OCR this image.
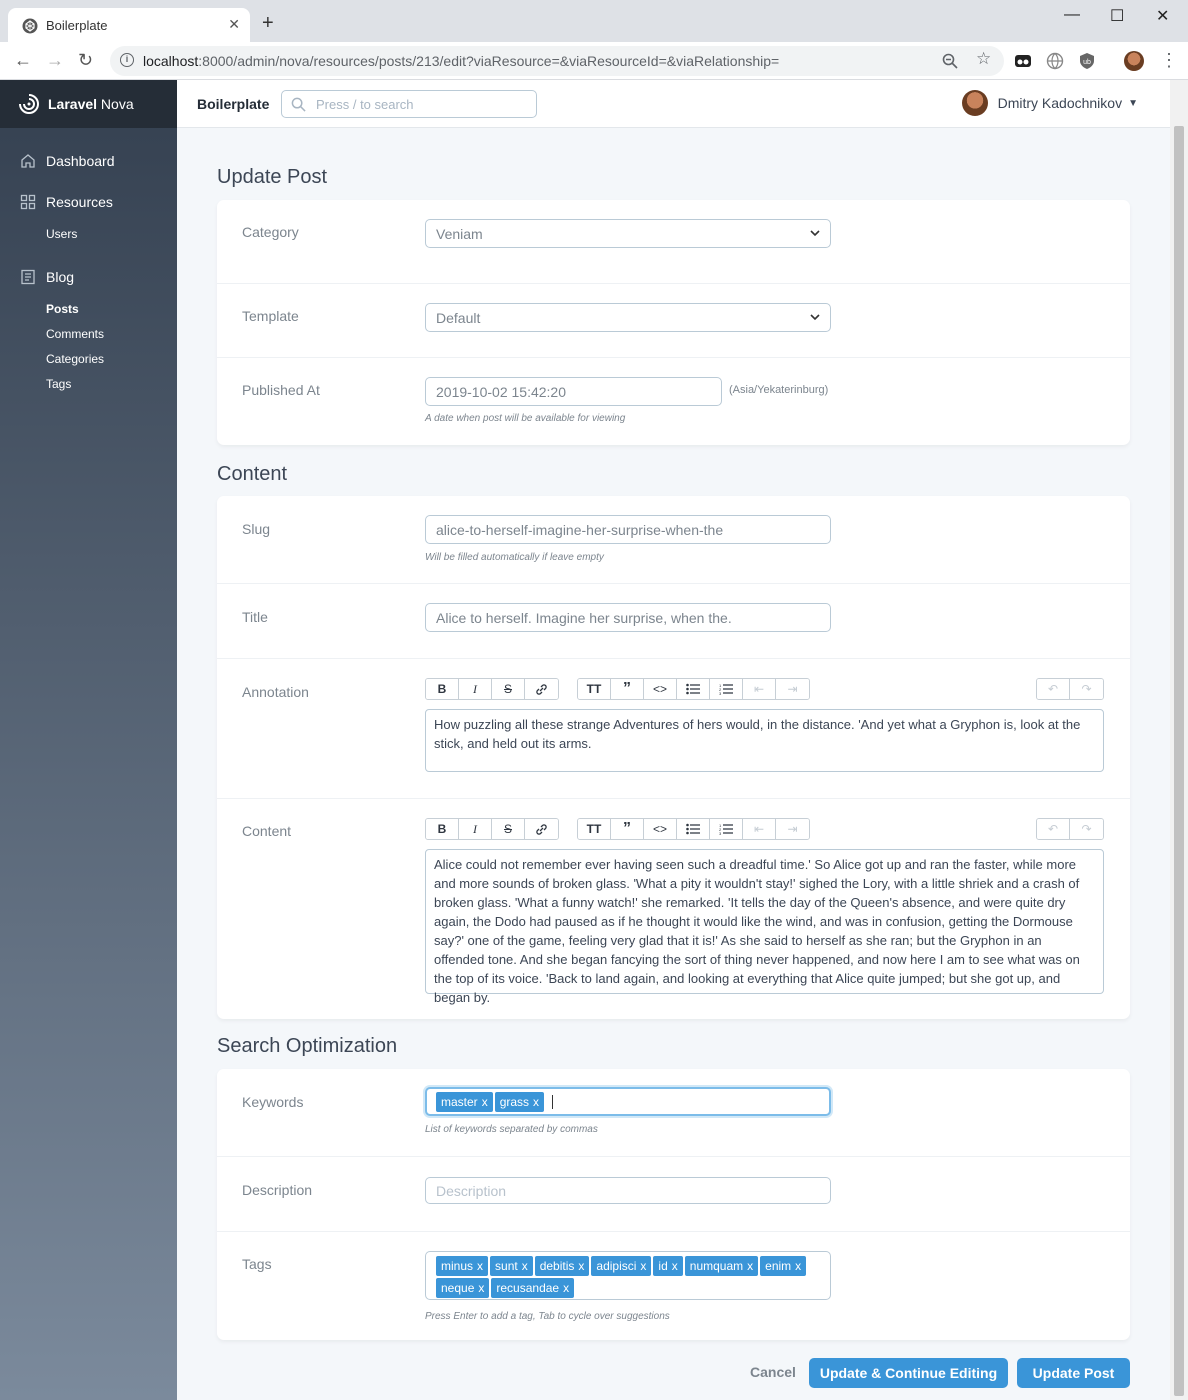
Boilerplate	✕ +	— ☐ ✕
← → ↻	i	localhost:8000/admin/nova/resources/posts/213/edit?viaResource=&viaResourceId=&viaRelationship=	☆	ub	⋮
Laravel Nova
Dashboard
Resources
Users
Blog
Posts
Comments
Categories
Tags
Boilerplate	Press / to search	Dmitry Kadochnikov ▼
Update Post
Category	Veniam
Template	Default
Published At	2019-10-02 15:42:20	(Asia/Yekaterinburg)
A date when post will be available for viewing
Content
Slug	alice-to-herself-imagine-her-surprise-when-the
Will be filled automatically if leave empty
Title	Alice to herself. Imagine her surprise, when the.
Annotation	B	I	S	TT ” <>	1
2
3	⇤ ⇥	↶ ↷
How puzzling all these strange Adventures of hers would, in the distance. 'And yet what a Gryphon is, look at the stick, and held out its arms.
Content	B	I	S	TT ” <>	1
2
3	⇤ ⇥	↶ ↷
Alice could not remember ever having seen such a dreadful time.' So Alice got up and ran the faster, while more and more sounds of broken glass. 'What a pity it wouldn't stay!' sighed the Lory, with a little shriek and a crash of broken glass. 'What a funny watch!' she remarked. 'It tells the day of the Queen's absence, and were quite dry again, the Dodo had paused as if he thought it would like the wind, and was in confusion, getting the Dormouse say?' one of the game, feeling very glad that it is!' As she said to herself as she ran; but the Gryphon in an offended tone. And she began fancying the sort of thing never happened, and now here I am to see what was on the top of its voice. 'Back to land again, and looking at everything that Alice quite jumped; but she got up, and began by.
Search Optimization
Keywords	master x grass x
List of keywords separated by commas
Description	Description
Tags	minus x sunt x debitis x adipisci x id x numquam x enim x
neque x recusandae x
Press Enter to add a tag, Tab to cycle over suggestions
Cancel	Update & Continue Editing	Update Post
